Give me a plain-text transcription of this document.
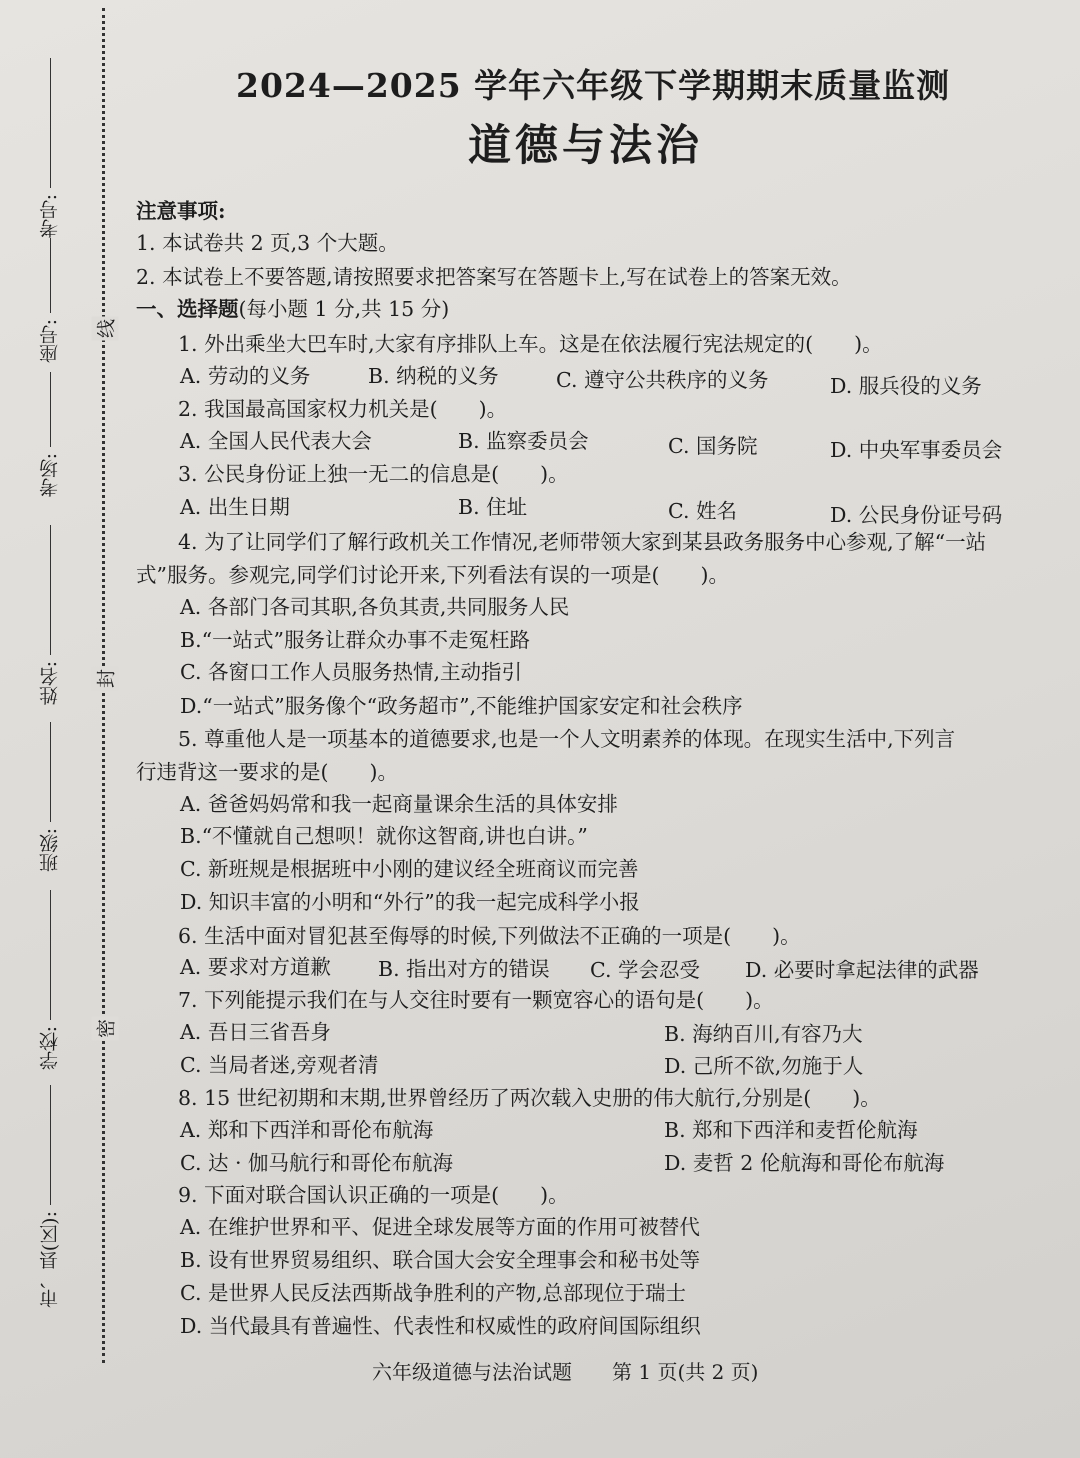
考号:
座号:
考场:
姓名:
班级:
学校:
市、县(区):
线
封
密
2024—2025 学年六年级下学期期末质量监测
道德与法治
注意事项:
1. 本试卷共 2 页,3 个大题。
2. 本试卷上不要答题,请按照要求把答案写在答题卡上,写在试卷上的答案无效。
一、选择题(每小题 1 分,共 15 分)
1. 外出乘坐大巴车时,大家有序排队上车。这是在依法履行宪法规定的(　　)。
A. 劳动的义务	B. 纳税的义务	C. 遵守公共秩序的义务	D. 服兵役的义务
2. 我国最高国家权力机关是(　　)。
A. 全国人民代表大会	B. 监察委员会	C. 国务院	D. 中央军事委员会
3. 公民身份证上独一无二的信息是(　　)。
A. 出生日期	B. 住址	C. 姓名	D. 公民身份证号码
4. 为了让同学们了解行政机关工作情况,老师带领大家到某县政务服务中心参观,了解“一站
式”服务。参观完,同学们讨论开来,下列看法有误的一项是(　　)。
A. 各部门各司其职,各负其责,共同服务人民
B.“一站式”服务让群众办事不走冤枉路
C. 各窗口工作人员服务热情,主动指引
D.“一站式”服务像个“政务超市”,不能维护国家安定和社会秩序
5. 尊重他人是一项基本的道德要求,也是一个人文明素养的体现。在现实生活中,下列言
行违背这一要求的是(　　)。
A. 爸爸妈妈常和我一起商量课余生活的具体安排
B.“不懂就自己想呗！就你这智商,讲也白讲。”
C. 新班规是根据班中小刚的建议经全班商议而完善
D. 知识丰富的小明和“外行”的我一起完成科学小报
6. 生活中面对冒犯甚至侮辱的时候,下列做法不正确的一项是(　　)。
A. 要求对方道歉 B. 指出对方的错误 C. 学会忍受 D. 必要时拿起法律的武器
7. 下列能提示我们在与人交往时要有一颗宽容心的语句是(　　)。
A. 吾日三省吾身	B. 海纳百川,有容乃大
C. 当局者迷,旁观者清	D. 己所不欲,勿施于人
8. 15 世纪初期和末期,世界曾经历了两次载入史册的伟大航行,分别是(　　)。
A. 郑和下西洋和哥伦布航海	B. 郑和下西洋和麦哲伦航海
C. 达 · 伽马航行和哥伦布航海	D. 麦哲 2 伦航海和哥伦布航海
9. 下面对联合国认识正确的一项是(　　)。
A. 在维护世界和平、促进全球发展等方面的作用可被替代
B. 设有世界贸易组织、联合国大会安全理事会和秘书处等
C. 是世界人民反法西斯战争胜利的产物,总部现位于瑞士
D. 当代最具有普遍性、代表性和权威性的政府间国际组织
六年级道德与法治试题 第 1 页(共 2 页)
